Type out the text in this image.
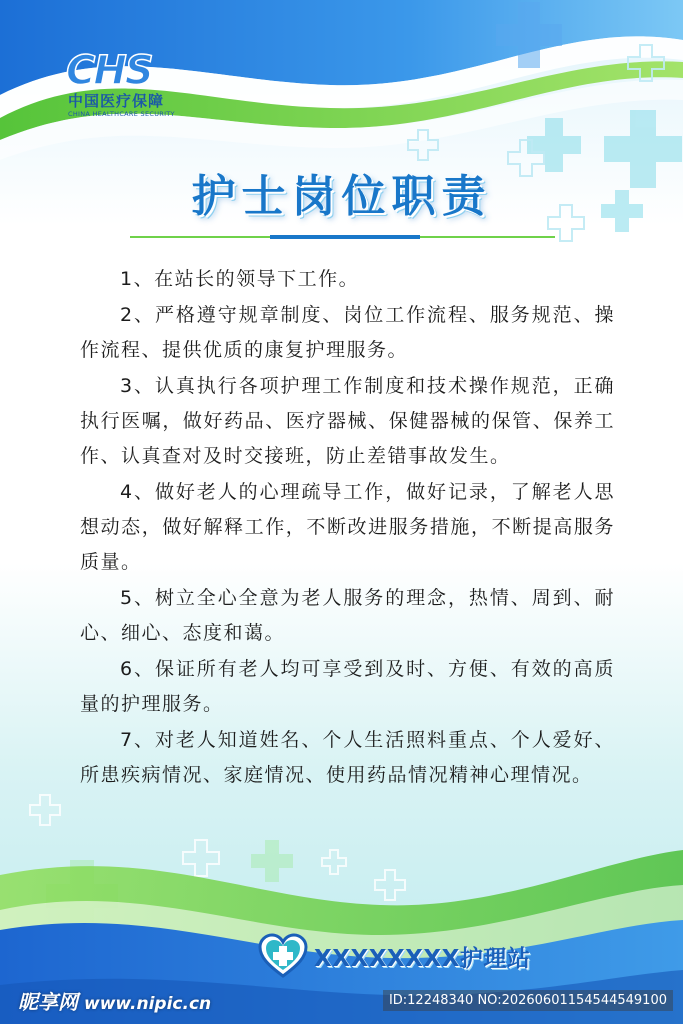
CHS
中国医疗保障
CHINA HEALTHCARE SECURITY
护士岗位职责

1、在站长的领导下工作。

2、严格遵守规章制度、岗位工作流程、服务规范、操作流程、提供优质的康复护理服务。

3、认真执行各项护理工作制度和技术操作规范，正确执行医嘱，做好药品、医疗器械、保健器械的保管、保养工作、认真查对及时交接班，防止差错事故发生。

4、做好老人的心理疏导工作，做好记录，了解老人思想动态，做好解释工作，不断改进服务措施，不断提高服务质量。

5、树立全心全意为老人服务的理念，热情、周到、耐心、细心、态度和蔼。

6、保证所有老人均可享受到及时、方便、有效的高质量的护理服务。

7、对老人知道姓名、个人生活照料重点、个人爱好、所患疾病情况、家庭情况、使用药品情况精神心理情况。

XXXXXXXX护理站
昵享网 www.nipic.cn	ID:12248340 NO:20260601154544549100
